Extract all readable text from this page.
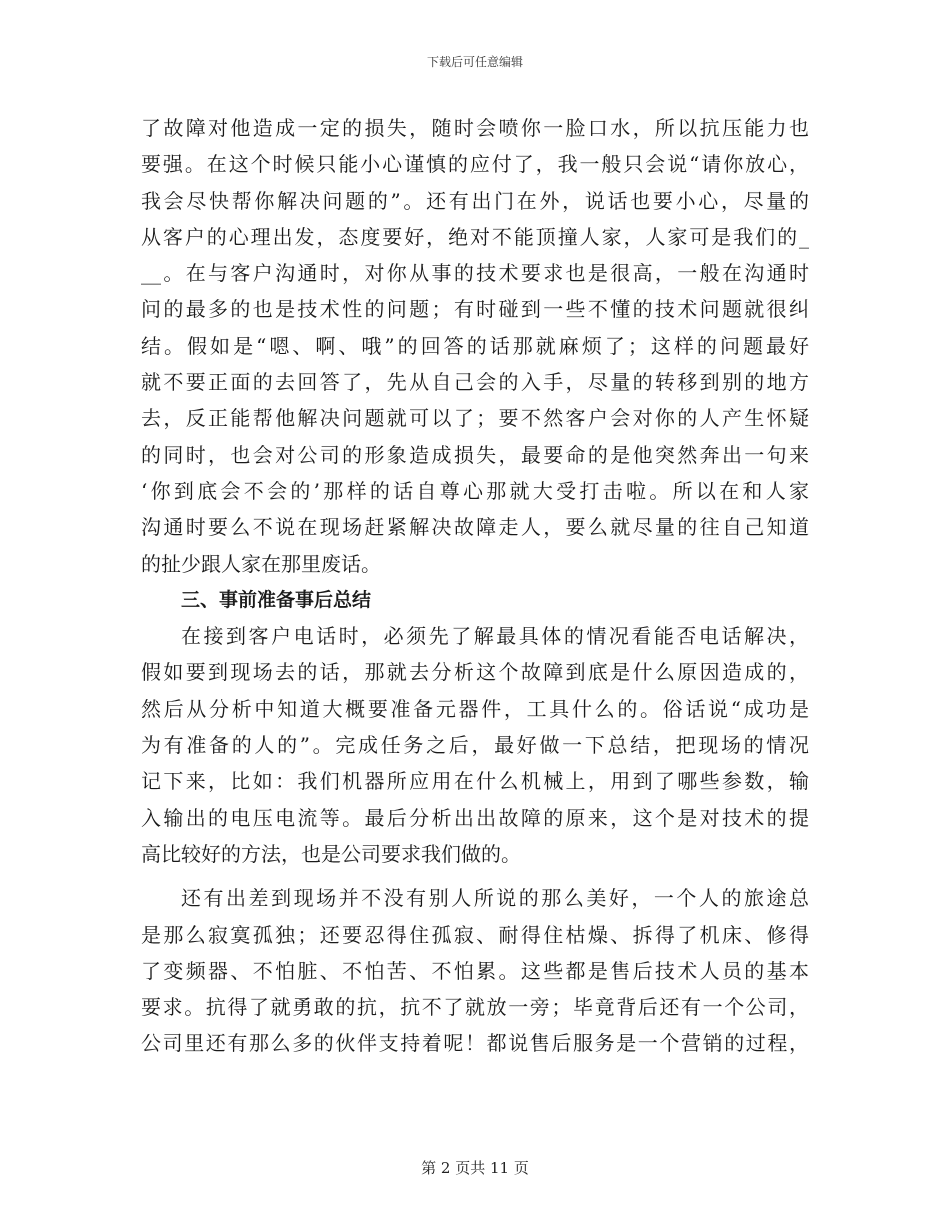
下载后可任意编辑
了故障对他造成一定的损失，随时会喷你一脸口水，所以抗压能力也
要强。在这个时候只能小心谨慎的应付了，我一般只会说“请你放心，
我会尽快帮你解决问题的”。还有出门在外，说话也要小心，尽量的
从客户的心理出发，态度要好，绝对不能顶撞人家，人家可是我们的_
__。在与客户沟通时，对你从事的技术要求也是很高，一般在沟通时
问的最多的也是技术性的问题；有时碰到一些不懂的技术问题就很纠
结。假如是“嗯、啊、哦”的回答的话那就麻烦了；这样的问题最好
就不要正面的去回答了，先从自己会的入手，尽量的转移到别的地方
去，反正能帮他解决问题就可以了；要不然客户会对你的人产生怀疑
的同时，也会对公司的形象造成损失，最要命的是他突然奔出一句来
‘你到底会不会的’那样的话自尊心那就大受打击啦。所以在和人家
沟通时要么不说在现场赶紧解决故障走人，要么就尽量的往自己知道
的扯少跟人家在那里废话。
三、事前准备事后总结
在接到客户电话时，必须先了解最具体的情况看能否电话解决，
假如要到现场去的话，那就去分析这个故障到底是什么原因造成的，
然后从分析中知道大概要准备元器件，工具什么的。俗话说“成功是
为有准备的人的”。完成任务之后，最好做一下总结，把现场的情况
记下来，比如：我们机器所应用在什么机械上，用到了哪些参数，输
入输出的电压电流等。最后分析出出故障的原来，这个是对技术的提
高比较好的方法，也是公司要求我们做的。
还有出差到现场并不没有别人所说的那么美好，一个人的旅途总
是那么寂寞孤独；还要忍得住孤寂、耐得住枯燥、拆得了机床、修得
了变频器、不怕脏、不怕苦、不怕累。这些都是售后技术人员的基本
要求。抗得了就勇敢的抗，抗不了就放一旁；毕竟背后还有一个公司，
公司里还有那么多的伙伴支持着呢！都说售后服务是一个营销的过程，
第 2 页共 11 页
